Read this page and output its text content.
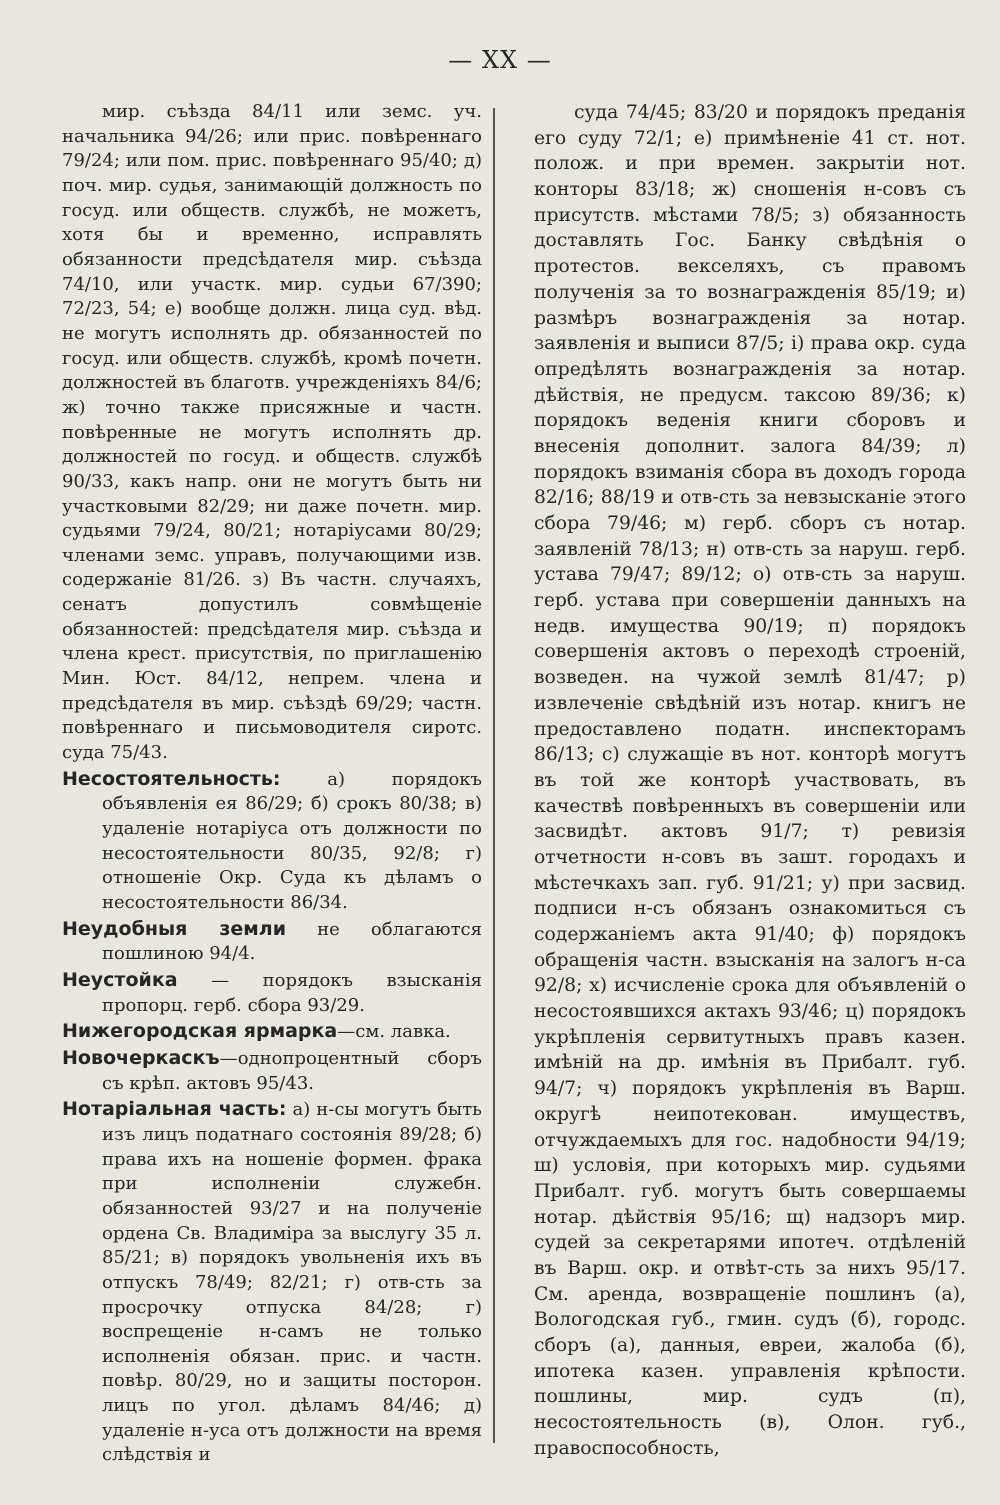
— XX —

мир. съѣзда 84/11 или земс. уч. начальника 94/26; или прис. повѣреннаго 79/24; или пом. прис. повѣреннаго 95/40; д) поч. мир. судья, занимающій должность по госуд. или обществ. службѣ, не можетъ, хотя бы и временно, исправлять обязанности предсѣдателя мир. съѣзда 74/10, или участк. мир. судьи 67/390; 72/23, 54; е) вообще должн. лица суд. вѣд. не могутъ исполнять др. обязанностей по госуд. или обществ. службѣ, кромѣ почетн. должностей въ благотв. учрежденіяхъ 84/6; ж) точно также присяжные и частн. повѣренные не могутъ исполнять др. должностей по госуд. и обществ. службѣ 90/33, какъ напр. они не могутъ быть ни участковыми 82/29; ни даже почетн. мир. судьями 79/24, 80/21; нотаріусами 80/29; членами земс. управъ, получающими изв. содержаніе 81/26. з) Въ частн. случаяхъ, сенатъ допустилъ совмѣщеніе обязанностей: предсѣдателя мир. съѣзда и члена крест. присутствія, по приглашенію Мин. Юст. 84/12, непрем. члена и предсѣдателя въ мир. съѣздѣ 69/29; частн. повѣреннаго и письмоводителя сиротс. суда 75/43.

Несостоятельность: а) порядокъ объявленія ея 86/29; б) срокъ 80/38; в) удаленіе нотаріуса отъ должности по несостоятельности 80/35, 92/8; г) отношеніе Окр. Суда къ дѣламъ о несостоятельности 86/34.

Неудобныя земли не облагаются пошлиною 94/4.

Неустойка — порядокъ взысканія пропорц. герб. сбора 93/29.

Нижегородская ярмарка—см. лавка.

Новочеркаскъ—однопроцентный сборъ съ крѣп. актовъ 95/43.

Нотаріальная часть: а) н-сы могутъ быть изъ лицъ податнаго состоянія 89/28; б) права ихъ на ношеніе формен. фрака при исполненіи служебн. обязанностей 93/27 и на полученіе ордена Св. Владиміра за выслугу 35 л. 85/21; в) порядокъ увольненія ихъ въ отпускъ 78/49; 82/21; г) отв-сть за просрочку отпуска 84/28; г) воспрещеніе н-самъ не только исполненія обязан. прис. и частн. повѣр. 80/29, но и защиты посторон. лицъ по угол. дѣламъ 84/46; д) удаленіе н-уса отъ должности на время слѣдствія и

суда 74/45; 83/20 и порядокъ преданія его суду 72/1; е) примѣненіе 41 ст. нот. полож. и при времен. закрытіи нот. конторы 83/18; ж) сношенія н-совъ съ присутств. мѣстами 78/5; з) обязанность доставлять Гос. Банку свѣдѣнія о протестов. векселяхъ, съ правомъ полученія за то вознагражденія 85/19; и) размѣръ вознагражденія за нотар. заявленія и выписи 87/5; і) права окр. суда опредѣлять вознагражденія за нотар. дѣйствія, не предусм. таксою 89/36; к) порядокъ веденія книги сборовъ и внесенія дополнит. залога 84/39; л) порядокъ взиманія сбора въ доходъ города 82/16; 88/19 и отв-сть за невзысканіе этого сбора 79/46; м) герб. сборъ съ нотар. заявленій 78/13; н) отв-сть за наруш. герб. устава 79/47; 89/12; о) отв-сть за наруш. герб. устава при совершеніи данныхъ на недв. имущества 90/19; п) порядокъ совершенія актовъ о переходѣ строеній, возведен. на чужой землѣ 81/47; р) извлеченіе свѣдѣній изъ нотар. книгъ не предоставлено податн. инспекторамъ 86/13; с) служащіе въ нот. конторѣ могутъ въ той же конторѣ участвовать, въ качествѣ повѣренныхъ въ совершеніи или засвидѣт. актовъ 91/7; т) ревизія отчетности н-совъ въ зашт. городахъ и мѣстечкахъ зап. губ. 91/21; у) при засвид. подписи н-съ обязанъ ознакомиться съ содержаніемъ акта 91/40; ф) порядокъ обращенія частн. взысканія на залогъ н-са 92/8; х) исчисленіе срока для объявленій о несостоявшихся актахъ 93/46; ц) порядокъ укрѣпленія сервитутныхъ правъ казен. имѣній на др. имѣнія въ Прибалт. губ. 94/7; ч) порядокъ укрѣпленія въ Варш. округѣ неипотекован. имуществъ, отчуждаемыхъ для гос. надобности 94/19; ш) условія, при которыхъ мир. судьями Прибалт. губ. могутъ быть совершаемы нотар. дѣйствія 95/16; щ) надзоръ мир. судей за секретарями ипотеч. отдѣленій въ Варш. окр. и отвѣт-сть за нихъ 95/17. См. аренда, возвращеніе пошлинъ (а), Вологодская губ., гмин. судъ (б), городс. сборъ (а), данныя, евреи, жалоба (б), ипотека казен. управленія крѣпости. пошлины, мир. судъ (п), несостоятельность (в), Олон. губ., правоспособность,
